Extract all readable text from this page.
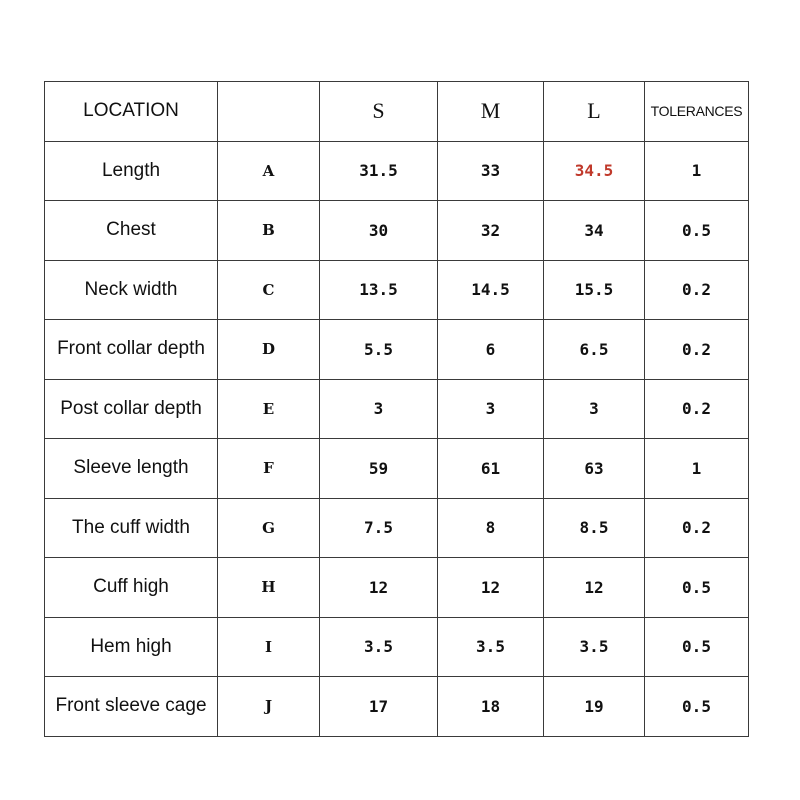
LOCATION		S	M	L	TOLERANCES
Length	A	31.5	33	34.5	1
Chest	B	30	32	34	0.5
Neck width	C	13.5	14.5	15.5	0.2
Front collar depth	D	5.5	6	6.5	0.2
Post collar depth	E	3	3	3	0.2
Sleeve length	F	59	61	63	1
The cuff width	G	7.5	8	8.5	0.2
Cuff high	H	12	12	12	0.5
Hem high	I	3.5	3.5	3.5	0.5
Front sleeve cage	J	17	18	19	0.5
